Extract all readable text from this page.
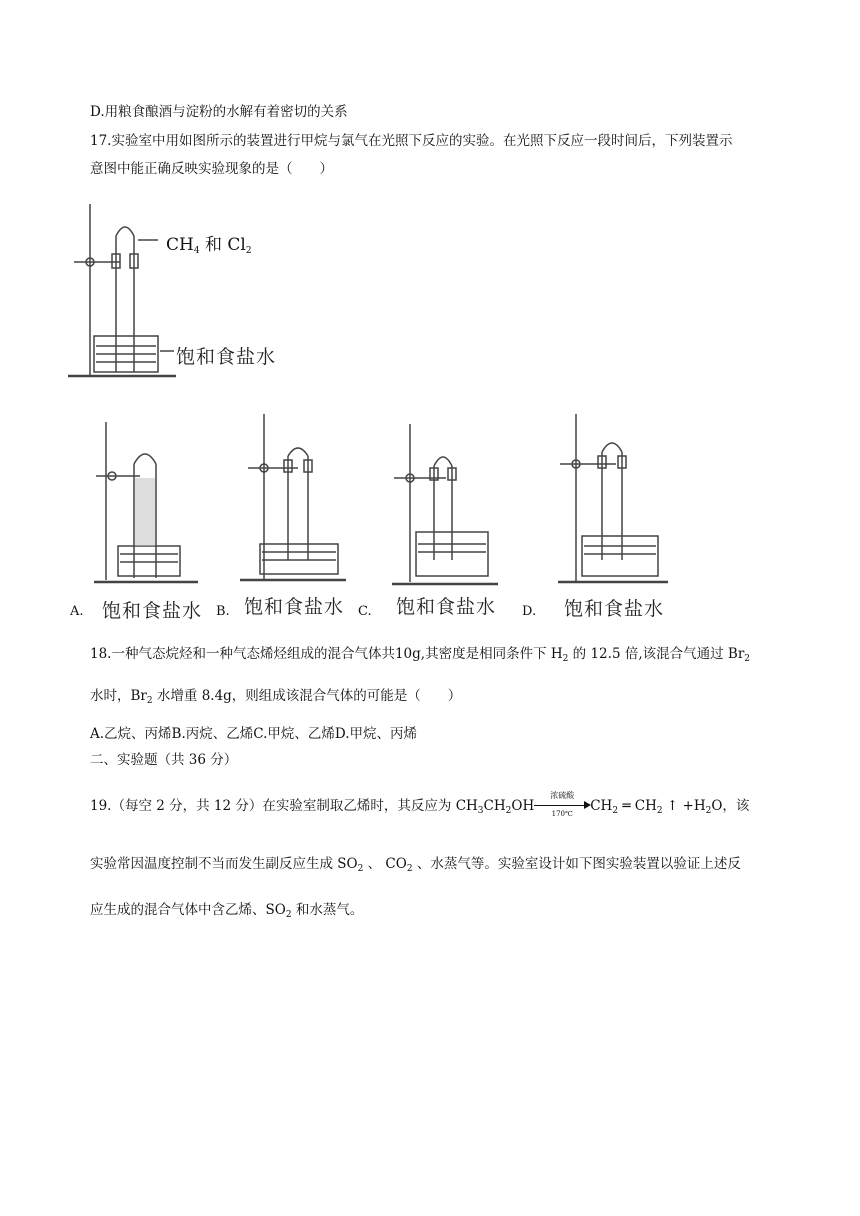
D.用粮食酿酒与淀粉的水解有着密切的关系
17.实验室中用如图所示的装置进行甲烷与氯气在光照下反应的实验。在光照下反应一段时间后，下列装置示
意图中能正确反映实验现象的是（　　）
$CH_4$ 和 $Cl_2$
饱和食盐水
A. 饱和食盐水 B. 饱和食盐水 C. 饱和食盐水 D. 饱和食盐水
18.一种气态烷烃和一种气态烯烃组成的混合气体共10g,其密度是相同条件下 $H_2$ 的 12.5 倍,该混合气通过 $Br_2$
水时，$Br_2$ 水增重 8.4g，则组成该混合气体的可能是（　　）
A.乙烷、丙烯B.丙烷、乙烯C.甲烷、乙烯D.甲烷、丙烯
二、实验题（共 36 分）
19.（每空 2 分，共 12 分）在实验室制取乙烯时，其反应为 $CH_3CH_2OH$
浓硫酸
170℃	$CH_2$ ═ $CH_2$ ↑ $+H_2O$，该
实验常因温度控制不当而发生副反应生成 $SO_2$ 、 $CO_2$ 、水蒸气等。实验室设计如下图实验装置以验证上述反
应生成的混合气体中含乙烯、$SO_2$ 和水蒸气。
